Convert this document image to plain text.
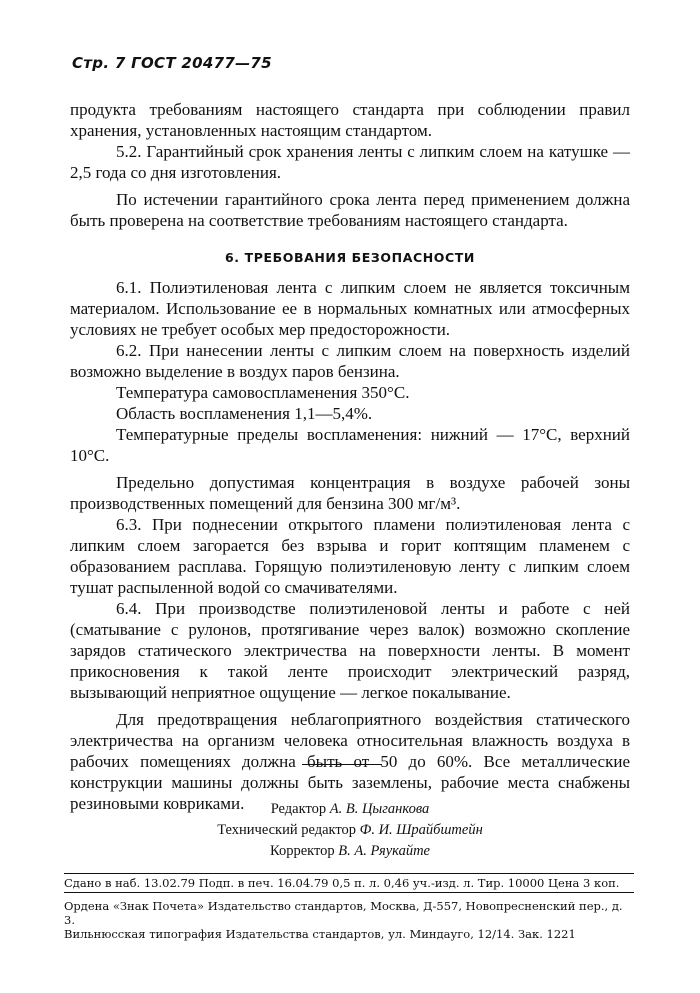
Стр. 7 ГОСТ 20477—75

продукта требованиям настоящего стандарта при соблюдении правил хранения, установленных настоящим стандартом.

5.2. Гарантийный срок хранения ленты с липким слоем на катушке — 2,5 года со дня изготовления.

По истечении гарантийного срока лента перед применением должна быть проверена на соответствие требованиям настоящего стандарта.

6. ТРЕБОВАНИЯ БЕЗОПАСНОСТИ

6.1. Полиэтиленовая лента с липким слоем не является токсичным материалом. Использование ее в нормальных комнатных или атмосферных условиях не требует особых мер предосторожности.

6.2. При нанесении ленты с липким слоем на поверхность изделий возможно выделение в воздух паров бензина.

Температура самовоспламенения 350°С.

Область воспламенения 1,1—5,4%.

Температурные пределы воспламенения: нижний — 17°С, верхний 10°С.

Предельно допустимая концентрация в воздухе рабочей зоны производственных помещений для бензина 300 мг/м³.

6.3. При поднесении открытого пламени полиэтиленовая лента с липким слоем загорается без взрыва и горит коптящим пламенем с образованием расплава. Горящую полиэтиленовую ленту с липким слоем тушат распыленной водой со смачивателями.

6.4. При производстве полиэтиленовой ленты и работе с ней (сматывание с рулонов, протягивание через валок) возможно скопление зарядов статического электричества на поверхности ленты. В момент прикосновения к такой ленте происходит электрический разряд, вызывающий неприятное ощущение — легкое покалывание.

Для предотвращения неблагоприятного воздействия статического электричества на организм человека относительная влажность воздуха в рабочих помещениях должна быть от 50 до 60%. Все металлические конструкции машины должны быть заземлены, рабочие места снабжены резиновыми ковриками.	Редактор А. В. Цыганкова
Технический редактор Ф. И. Шрайбштейн
Корректор В. А. Ряукайте
Сдано в наб. 13.02.79 Подп. в печ. 16.04.79 0,5 п. л. 0,46 уч.-изд. л. Тир. 10000 Цена 3 коп.
Ордена «Знак Почета» Издательство стандартов, Москва, Д-557, Новопресненский пер., д. 3.
Вильнюсская типография Издательства стандартов, ул. Миндауго, 12/14. Зак. 1221
